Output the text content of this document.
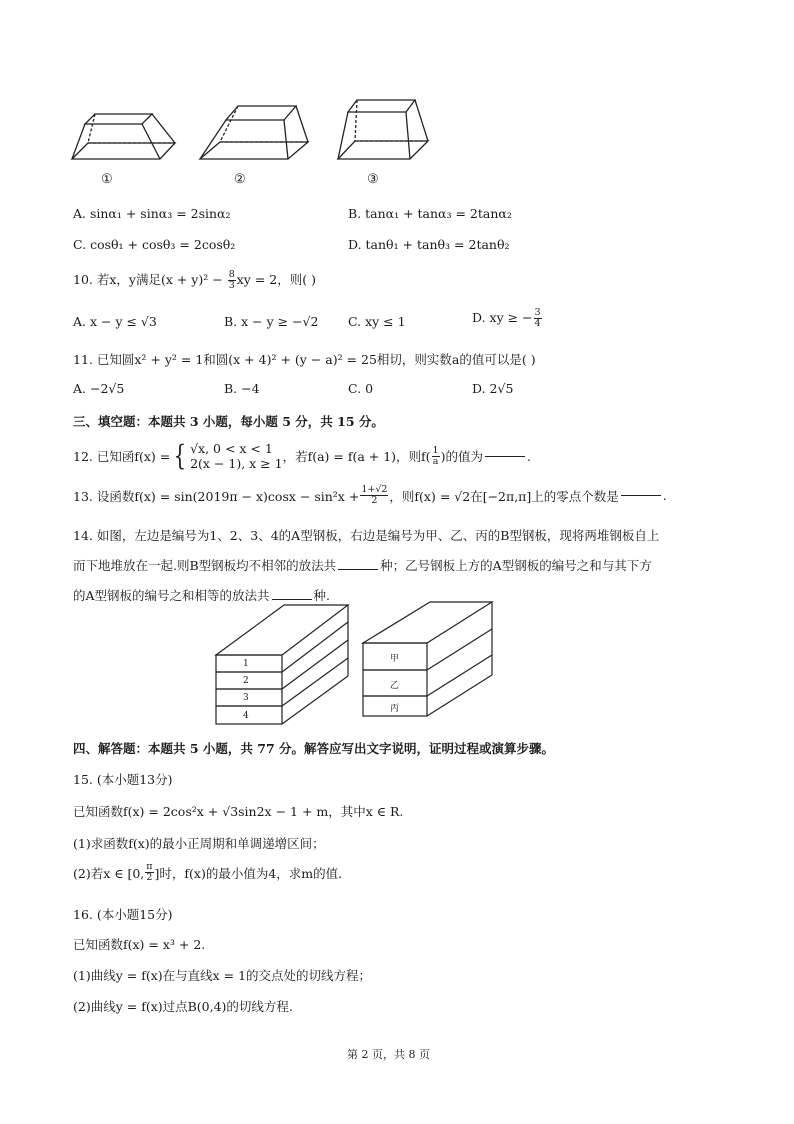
①	②	③
A. sinα₁ + sinα₃ = 2sinα₂	B. tanα₁ + tanα₃ = 2tanα₂
C. cosθ₁ + cosθ₃ = 2cosθ₂	D. tanθ₁ + tanθ₃ = 2tanθ₂
10. 若x，y满足$(x + y)^2 - \frac{8}{3}$ xy = 2，则( )
A. x − y ≤ √3	B. x − y ≥ −√2 C. xy ≤ 1	D. xy ≥ − $\frac{3}{4}$
11. 已知圆x² + y² = 1和圆(x + 4)² + (y − a)² = 25相切，则实数a的值可以是( )
A. −2√5	B. −4	C. 0	D. 2√5
三、填空题：本题共 3 小题，每小题 5 分，共 15 分。
12. 已知函f(x) = { √x, 0 < x < 1
2(x − 1), x ≥ 1 ，若f(a) = f(a + 1)，则$f( \frac{1}{a}$ )的值为	.
13. 设函数$f(x) = \sin(2019\pi - x)\cos x - \sin^2x + \frac{1+√2}{2}$ ，则f(x) = √2在[−2π,π]上的零点个数是	.
14. 如图，左边是编号为1、2、3、4的A型钢板，右边是编号为甲、乙、丙的B型钢板，现将两堆钢板自上
而下地堆放在一起.则B型钢板均不相邻的放法共	种；乙号钢板上方的A型钢板的编号之和与其下方
的A型钢板的编号之和相等的放法共	种.
1
2
3
4
甲
乙
丙
四、解答题：本题共 5 小题，共 77 分。解答应写出文字说明，证明过程或演算步骤。
15. (本小题13分)
已知函数f(x) = 2cos²x + √3sin2x − 1 + m，其中x ∈ R.
(1)求函数f(x)的最小正周期和单调递增区间；
(2)若x ∈ [0, $\frac{\pi}{2}$ ]时，f(x)的最小值为4，求m的值.
16. (本小题15分)
已知函数f(x) = x³ + 2.
(1)曲线y = f(x)在与直线x = 1的交点处的切线方程；
(2)曲线y = f(x)过点B(0,4)的切线方程.
第 2 页，共 8 页
